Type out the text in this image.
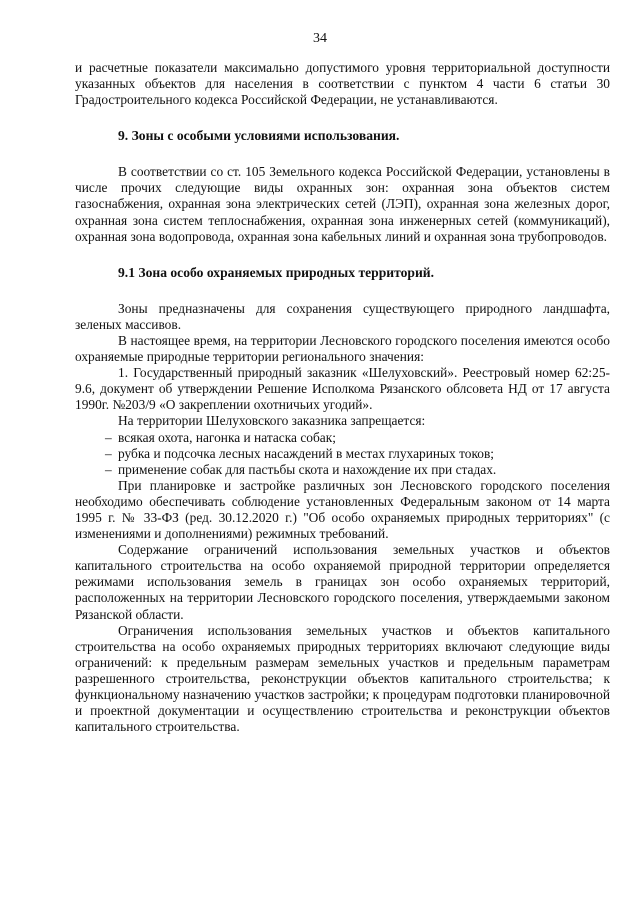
34

и расчетные показатели максимально допустимого уровня территориальной доступности указанных объектов для населения в соответствии с пунктом 4 части 6 статьи 30 Градостроительного кодекса Российской Федерации, не устанавливаются.

9. Зоны с особыми условиями использования.

В соответствии со ст. 105 Земельного кодекса Российской Федерации, установлены в числе прочих следующие виды охранных зон: охранная зона объектов систем газоснабжения, охранная зона электрических сетей (ЛЭП), охранная зона железных дорог, охранная зона систем теплоснабжения, охранная зона инженерных сетей (коммуникаций), охранная зона водопровода, охранная зона кабельных линий и охранная зона трубопроводов.

9.1 Зона особо охраняемых природных территорий.

Зоны предназначены для сохранения существующего природного ландшафта, зеленых массивов.

В настоящее время, на территории Лесновского городского поселения имеются особо охраняемые природные территории регионального значения:

1. Государственный природный заказник «Шелуховский». Реестровый номер 62:25-9.6, документ об утверждении Решение Исполкома Рязанского облсовета НД от 17 августа 1990г. №203/9 «О закреплении охотничьих угодий».

На территории Шелуховского заказника запрещается:

– всякая охота, нагонка и натаска собак;
– рубка и подсочка лесных насаждений в местах глухариных токов;
– применение собак для пастьбы скота и нахождение их при стадах.

При планировке и застройке различных зон Лесновского городского поселения необходимо обеспечивать соблюдение установленных Федеральным законом от 14 марта 1995 г. № 33-ФЗ (ред. 30.12.2020 г.) "Об особо охраняемых природных территориях" (с изменениями и дополнениями) режимных требований.

Содержание ограничений использования земельных участков и объектов капитального строительства на особо охраняемой природной территории определяется режимами использования земель в границах зон особо охраняемых территорий, расположенных на территории Лесновского городского поселения, утверждаемыми законом Рязанской области.

Ограничения использования земельных участков и объектов капитального строительства на особо охраняемых природных территориях включают следующие виды ограничений: к предельным размерам земельных участков и предельным параметрам разрешенного строительства, реконструкции объектов капитального строительства; к функциональному назначению участков застройки; к процедурам подготовки планировочной и проектной документации и осуществлению строительства и реконструкции объектов капитального строительства.
